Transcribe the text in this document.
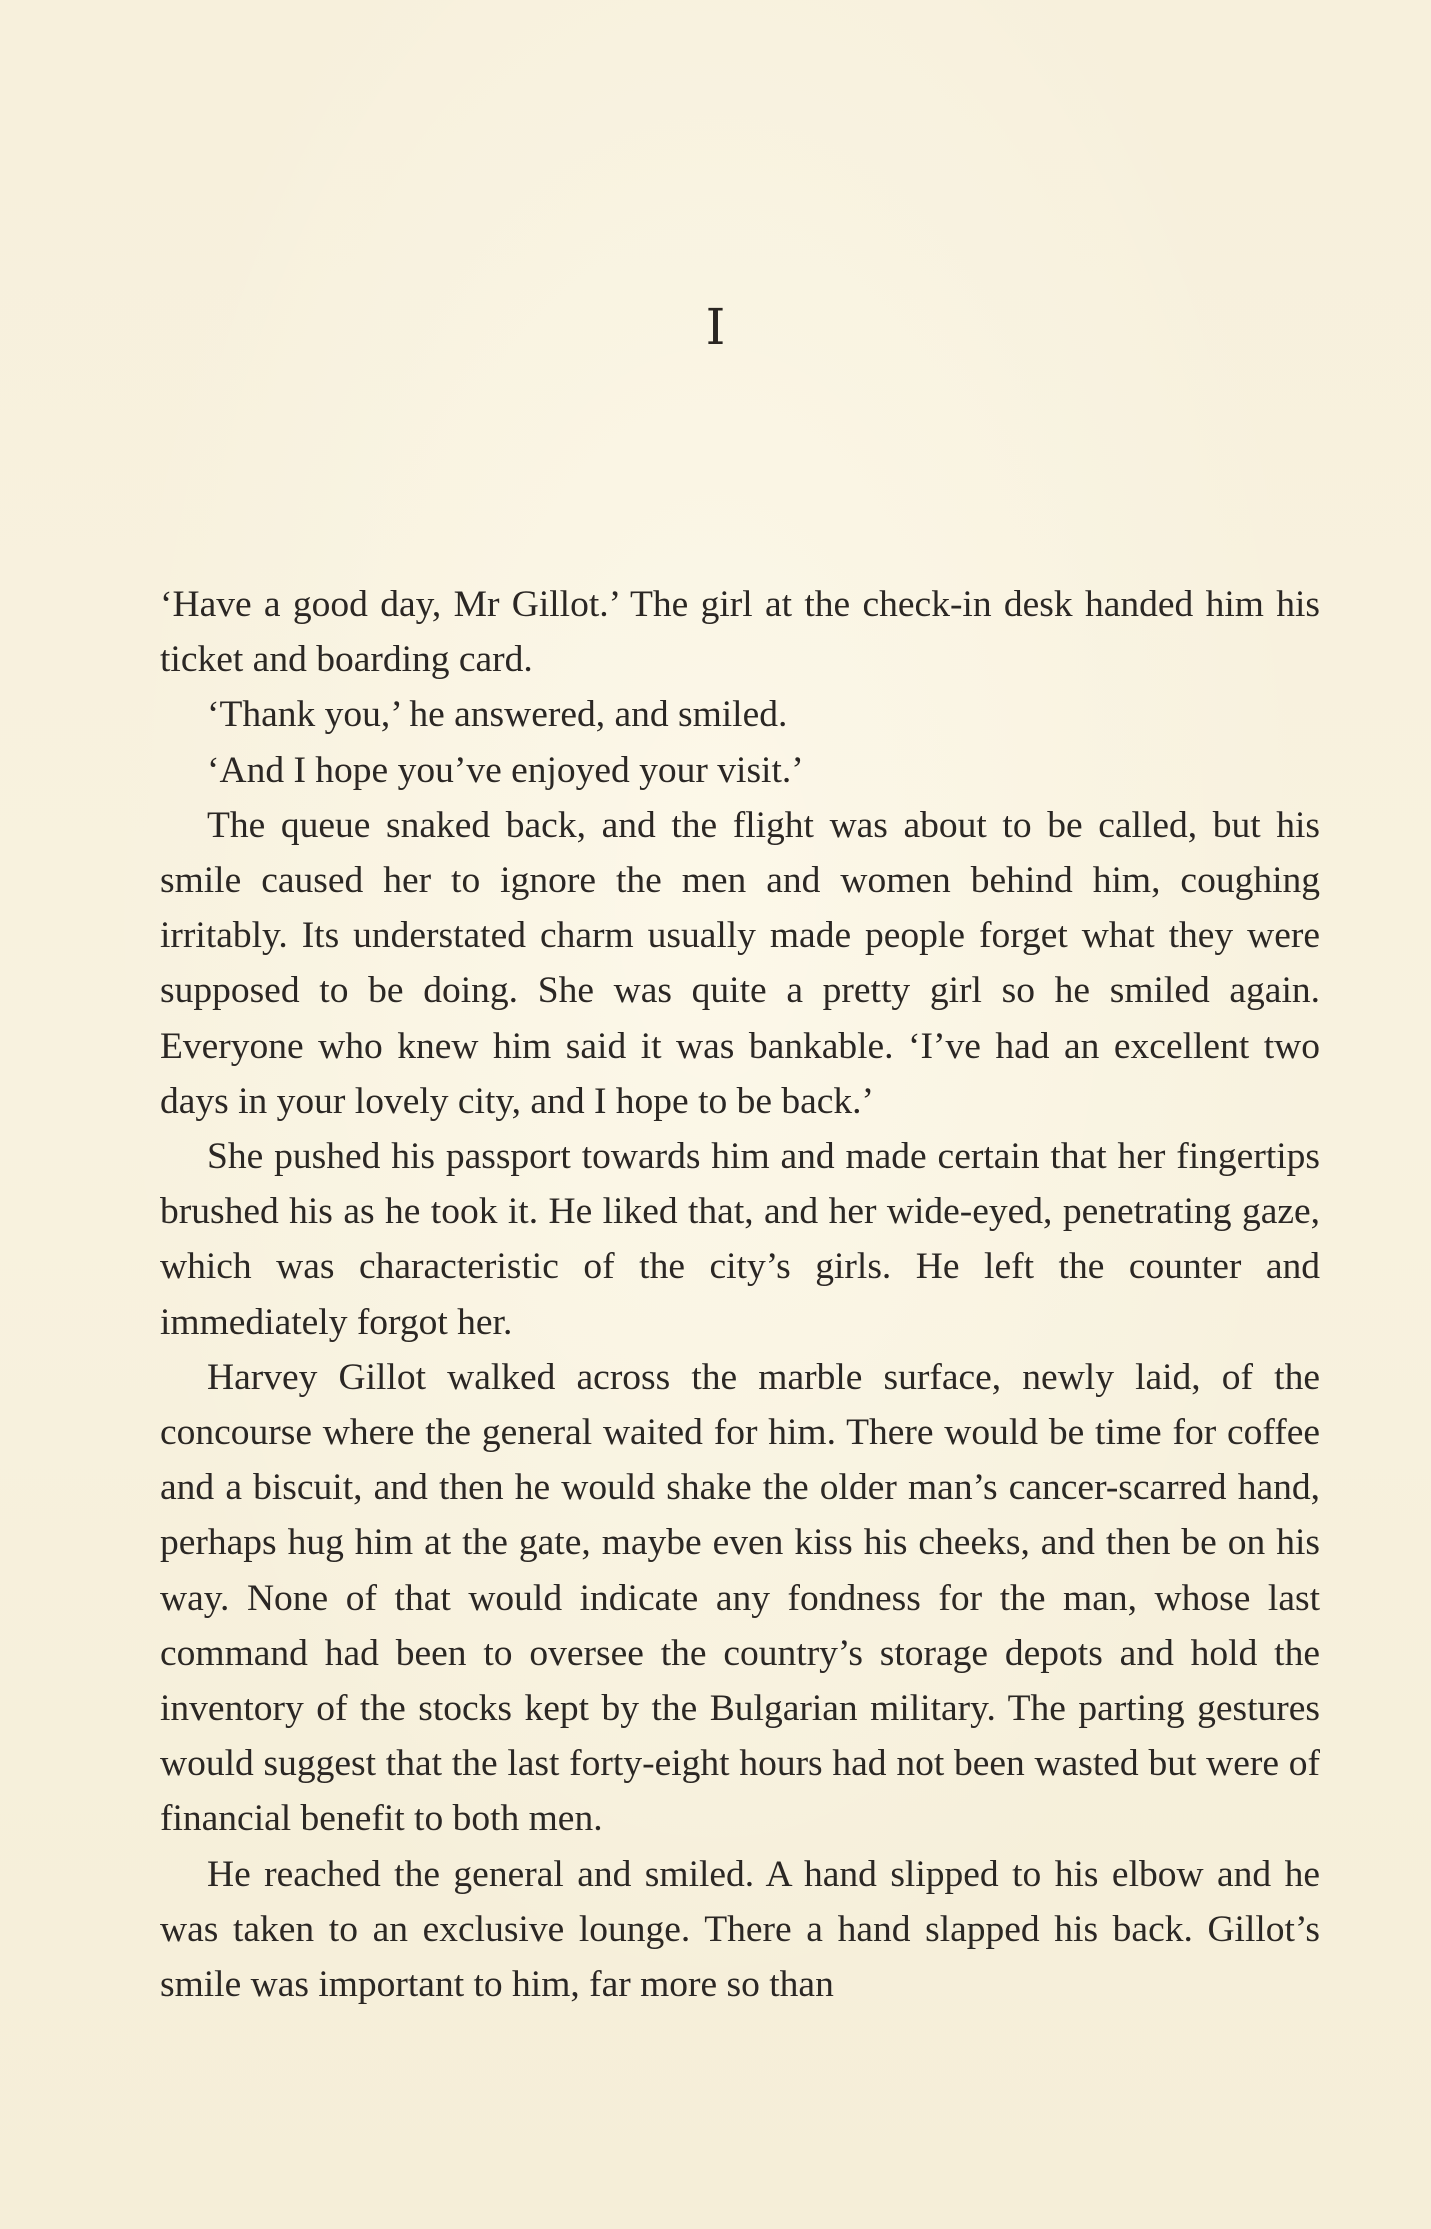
I

‘Have a good day, Mr Gillot.’ The girl at the check-in desk handed him his ticket and boarding card.

‘Thank you,’ he answered, and smiled.

‘And I hope you’ve enjoyed your visit.’

The queue snaked back, and the flight was about to be called, but his smile caused her to ignore the men and women behind him, coughing irritably. Its understated charm usually made people forget what they were supposed to be doing. She was quite a pretty girl so he smiled again. Everyone who knew him said it was bankable. ‘I’ve had an excellent two days in your lovely city, and I hope to be back.’

She pushed his passport towards him and made certain that her fingertips brushed his as he took it. He liked that, and her wide-eyed, penetrating gaze, which was characteristic of the city’s girls. He left the counter and immediately forgot her.

Harvey Gillot walked across the marble surface, newly laid, of the concourse where the general waited for him. There would be time for coffee and a biscuit, and then he would shake the older man’s cancer-scarred hand, perhaps hug him at the gate, maybe even kiss his cheeks, and then be on his way. None of that would indicate any fondness for the man, whose last command had been to oversee the country’s storage depots and hold the inventory of the stocks kept by the Bulgarian military. The parting gestures would suggest that the last forty-eight hours had not been wasted but were of financial benefit to both men.

He reached the general and smiled. A hand slipped to his elbow and he was taken to an exclusive lounge. There a hand slapped his back. Gillot’s smile was important to him, far more so than
